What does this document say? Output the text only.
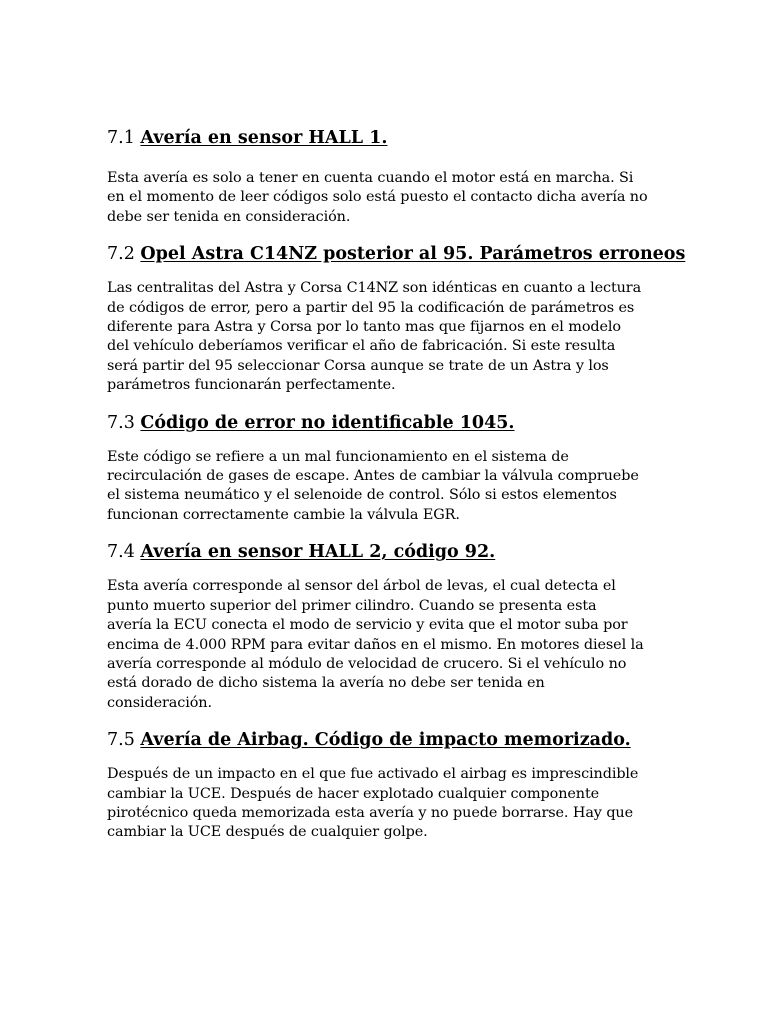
7.1 Avería en sensor HALL 1.

Esta avería es solo a tener en cuenta cuando el motor está en marcha. Si
en el momento de leer códigos solo está puesto el contacto dicha avería no
debe ser tenida en consideración.

7.2 Opel Astra C14NZ posterior al 95. Parámetros erroneos

Las centralitas del Astra y Corsa C14NZ son idénticas en cuanto a lectura
de códigos de error, pero a partir del 95 la codificación de parámetros es
diferente para Astra y Corsa por lo tanto mas que fijarnos en el modelo
del vehículo deberíamos verificar el año de fabricación. Si este resulta
será partir del 95 seleccionar Corsa aunque se trate de un Astra y los
parámetros funcionarán perfectamente.

7.3 Código de error no identificable 1045.

Este código se refiere a un mal funcionamiento en el sistema de
recirculación de gases de escape. Antes de cambiar la válvula compruebe
el sistema neumático y el selenoide de control. Sólo si estos elementos
funcionan correctamente cambie la válvula EGR.

7.4 Avería en sensor HALL 2, código 92.

Esta avería corresponde al sensor del árbol de levas, el cual detecta el
punto muerto superior del primer cilindro. Cuando se presenta esta
avería la ECU conecta el modo de servicio y evita que el motor suba por
encima de 4.000 RPM para evitar daños en el mismo. En motores diesel la
avería corresponde al módulo de velocidad de crucero. Si el vehículo no
está dorado de dicho sistema la avería no debe ser tenida en
consideración.

7.5 Avería de Airbag. Código de impacto memorizado.

Después de un impacto en el que fue activado el airbag es imprescindible
cambiar la UCE. Después de hacer explotado cualquier componente
pirotécnico queda memorizada esta avería y no puede borrarse. Hay que
cambiar la UCE después de cualquier golpe.
